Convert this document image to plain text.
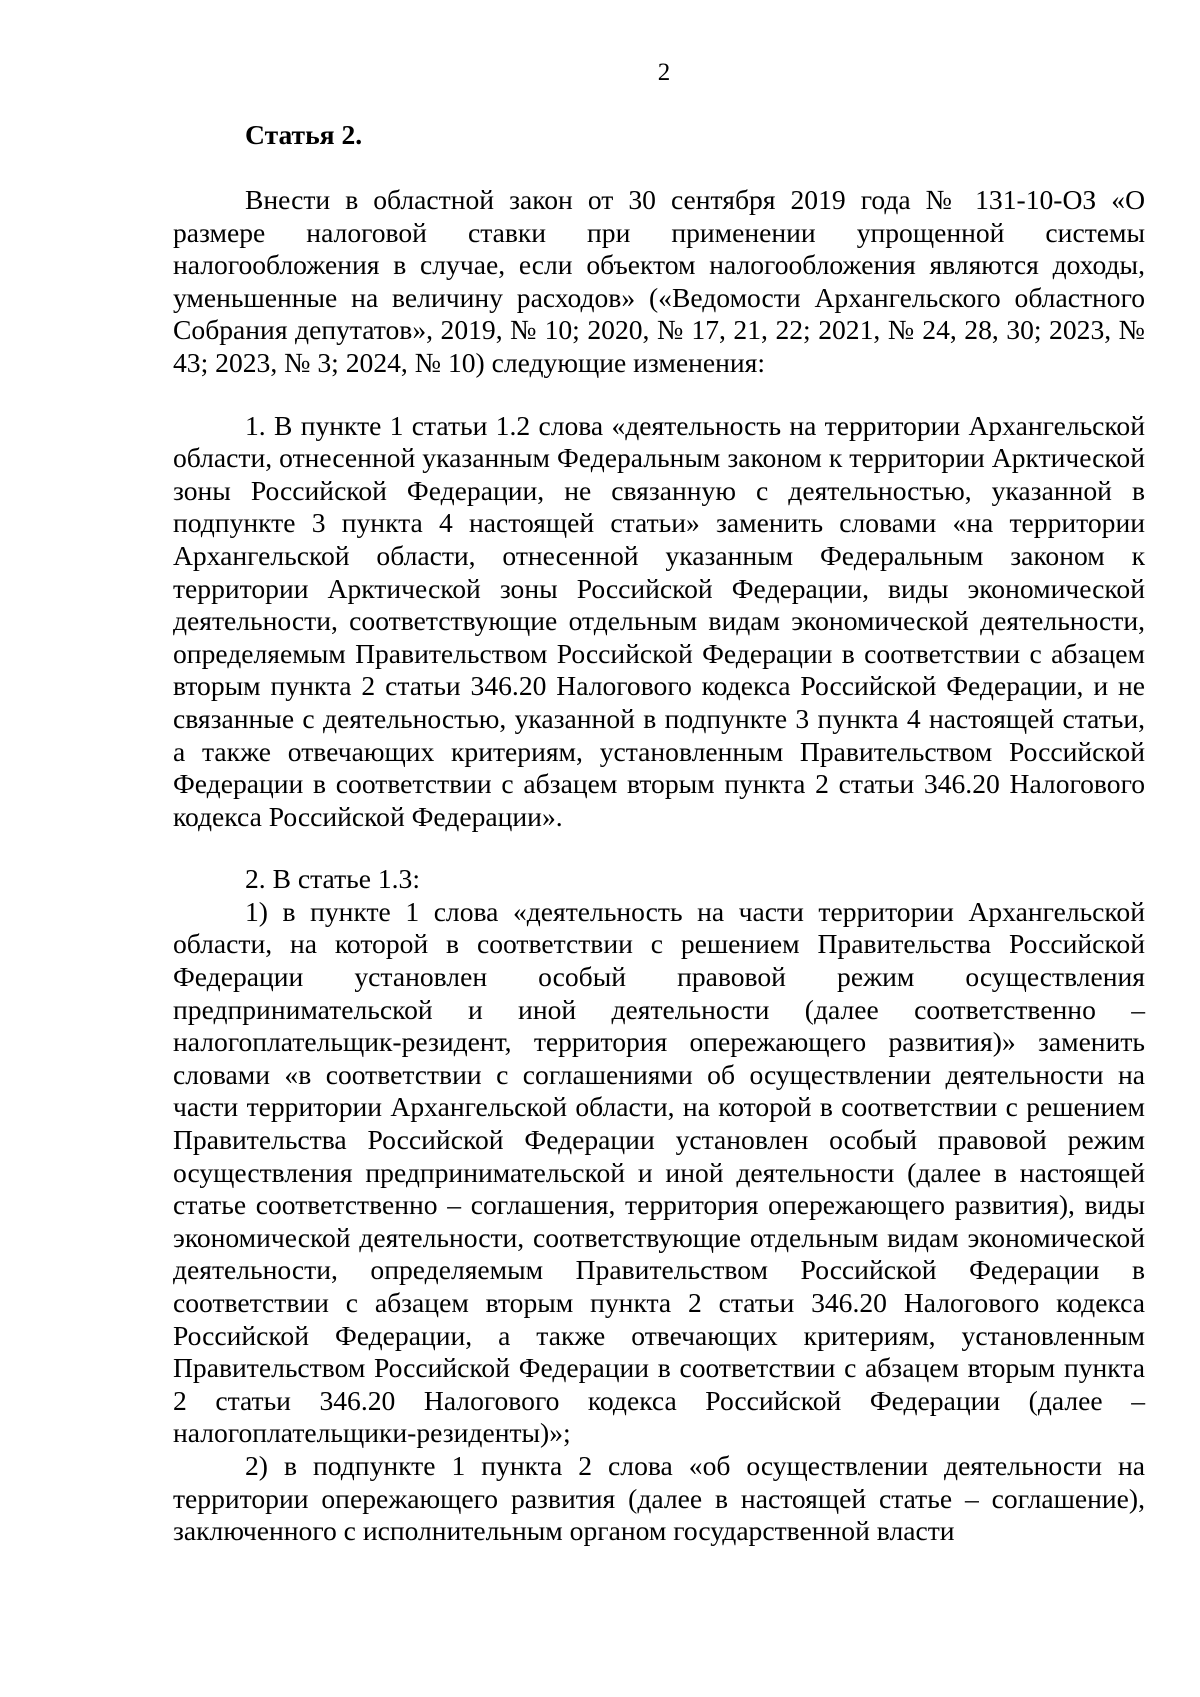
2

Статья 2.

Внести в областной закон от 30 сентября 2019 года № 131-10-ОЗ «О размере налоговой ставки при применении упрощенной системы налогообложения в случае, если объектом налогообложения являются доходы, уменьшенные на величину расходов» («Ведомости Архангельского областного Собрания депутатов», 2019, № 10; 2020, № 17, 21, 22; 2021, № 24, 28, 30; 2023, № 43; 2023, № 3; 2024, № 10) следующие изменения:

1. В пункте 1 статьи 1.2 слова «деятельность на территории Архангельской области, отнесенной указанным Федеральным законом к территории Арктической зоны Российской Федерации, не связанную с деятельностью, указанной в подпункте 3 пункта 4 настоящей статьи» заменить словами «на территории Архангельской области, отнесенной указанным Федеральным законом к территории Арктической зоны Российской Федерации, виды экономической деятельности, соответствующие отдельным видам экономической деятельности, определяемым Правительством Российской Федерации в соответствии с абзацем вторым пункта 2 статьи 346.20 Налогового кодекса Российской Федерации, и не связанные с деятельностью, указанной в подпункте 3 пункта 4 настоящей статьи, а также отвечающих критериям, установленным Правительством Российской Федерации в соответствии с абзацем вторым пункта 2 статьи 346.20 Налогового кодекса Российской Федерации».

2. В статье 1.3:

1) в пункте 1 слова «деятельность на части территории Архангельской области, на которой в соответствии с решением Правительства Российской Федерации установлен особый правовой режим осуществления предпринимательской и иной деятельности (далее соответственно – налогоплательщик-резидент, территория опережающего развития)» заменить словами «в соответствии с соглашениями об осуществлении деятельности на части территории Архангельской области, на которой в соответствии с решением Правительства Российской Федерации установлен особый правовой режим осуществления предпринимательской и иной деятельности (далее в настоящей статье соответственно – соглашения, территория опережающего развития), виды экономической деятельности, соответствующие отдельным видам экономической деятельности, определяемым Правительством Российской Федерации в соответствии с абзацем вторым пункта 2 статьи 346.20 Налогового кодекса Российской Федерации, а также отвечающих критериям, установленным Правительством Российской Федерации в соответствии с абзацем вторым пункта 2 статьи 346.20 Налогового кодекса Российской Федерации (далее – налогоплательщики-резиденты)»;

2) в подпункте 1 пункта 2 слова «об осуществлении деятельности на территории опережающего развития (далее в настоящей статье – соглашение), заключенного с исполнительным органом государственной власти
